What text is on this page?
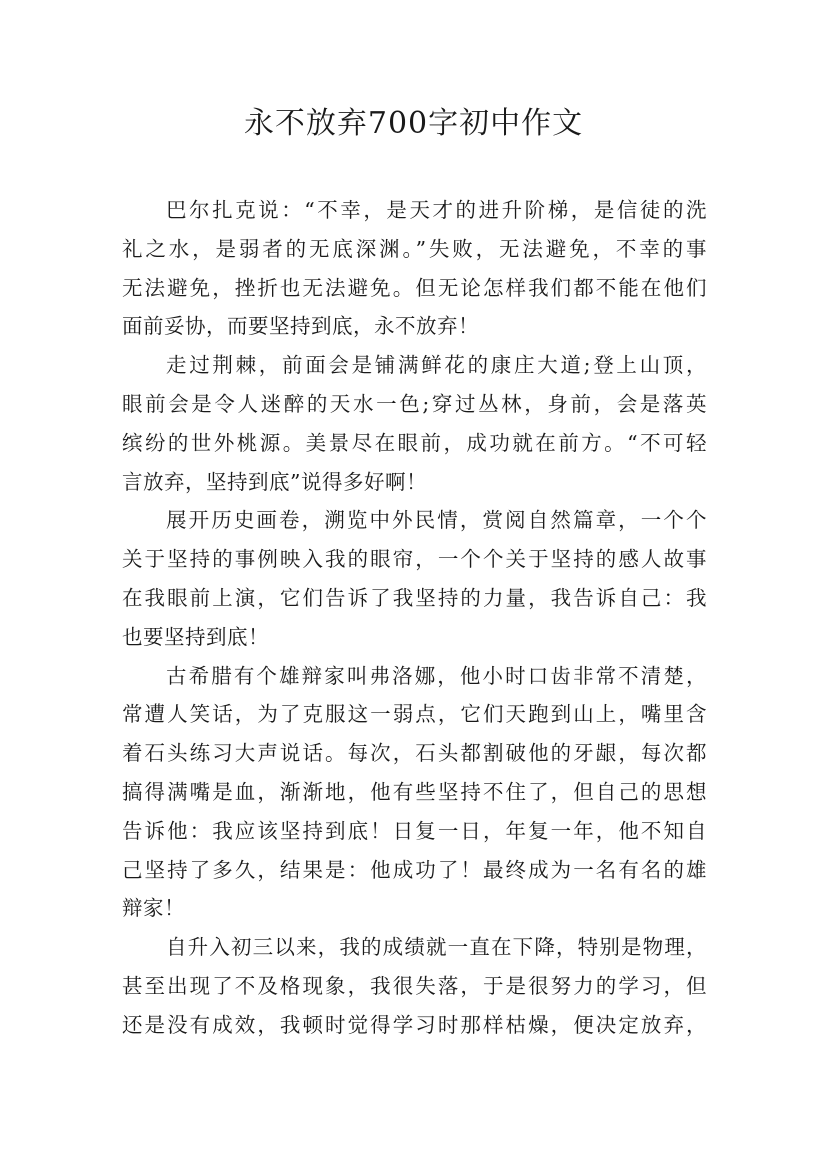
永不放弃700字初中作文
巴尔扎克说：“不幸，是天才的进升阶梯，是信徒的洗
礼之水，是弱者的无底深渊。”失败，无法避免，不幸的事
无法避免，挫折也无法避免。但无论怎样我们都不能在他们
面前妥协，而要坚持到底，永不放弃！
走过荆棘，前面会是铺满鲜花的康庄大道;登上山顶，
眼前会是令人迷醉的天水一色;穿过丛林，身前，会是落英
缤纷的世外桃源。美景尽在眼前，成功就在前方。“不可轻
言放弃，坚持到底”说得多好啊！
展开历史画卷，溯览中外民情，赏阅自然篇章，一个个
关于坚持的事例映入我的眼帘，一个个关于坚持的感人故事
在我眼前上演，它们告诉了我坚持的力量，我告诉自己：我
也要坚持到底！
古希腊有个雄辩家叫弗洛娜，他小时口齿非常不清楚，
常遭人笑话，为了克服这一弱点，它们天跑到山上，嘴里含
着石头练习大声说话。每次，石头都割破他的牙龈，每次都
搞得满嘴是血，渐渐地，他有些坚持不住了，但自己的思想
告诉他：我应该坚持到底！日复一日，年复一年，他不知自
己坚持了多久，结果是：他成功了！最终成为一名有名的雄
辩家！
自升入初三以来，我的成绩就一直在下降，特别是物理，
甚至出现了不及格现象，我很失落，于是很努力的学习，但
还是没有成效，我顿时觉得学习时那样枯燥，便决定放弃，
